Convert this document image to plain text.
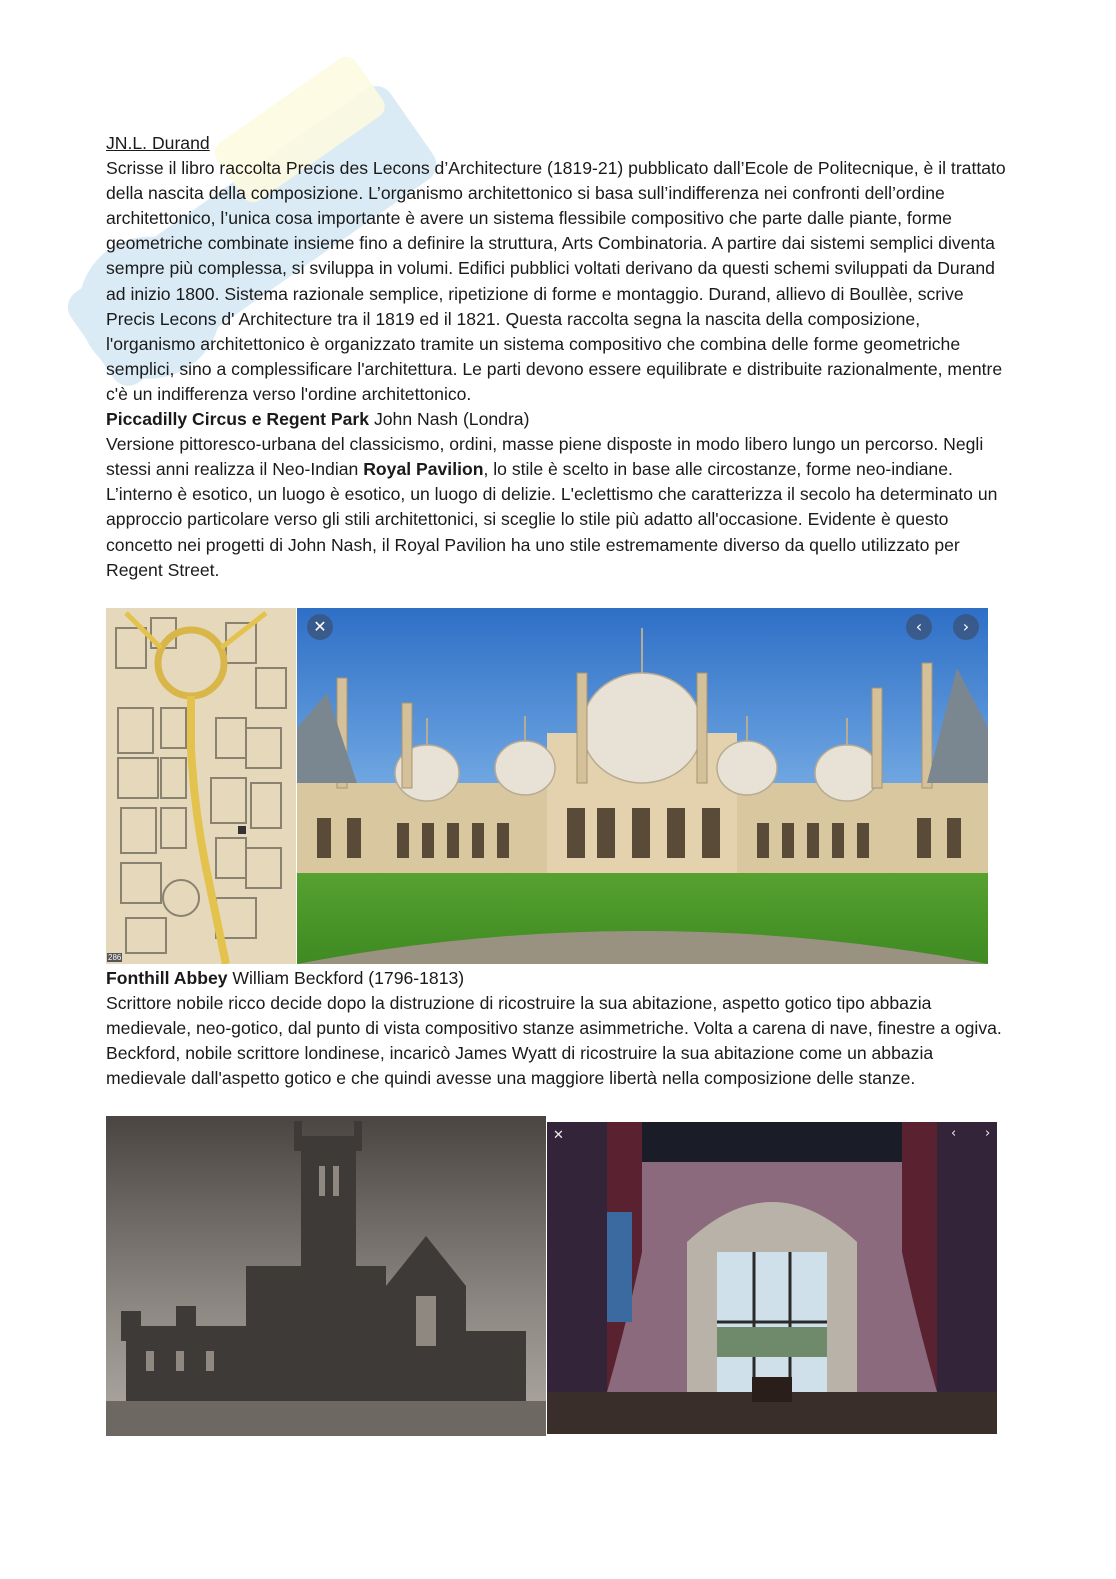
JN.L. Durand

Scrisse il libro raccolta Precis des Lecons d’Architecture (1819-21) pubblicato dall’Ecole de Politecnique, è il trattato della nascita della composizione. L’organismo architettonico si basa sull’indifferenza nei confronti dell’ordine architettonico, l’unica cosa importante è avere un sistema flessibile compositivo che parte dalle piante, forme geometriche combinate insieme fino a definire la struttura, Arts Combinatoria. A partire dai sistemi semplici diventa sempre più complessa, si sviluppa in volumi. Edifici pubblici voltati derivano da questi schemi sviluppati da Durand ad inizio 1800. Sistema razionale semplice, ripetizione di forme e montaggio. Durand, allievo di Boullèe, scrive Precis Lecons d' Architecture tra il 1819 ed il 1821. Questa raccolta segna la nascita della composizione, l'organismo architettonico è organizzato tramite un sistema compositivo che combina delle forme geometriche semplici, sino a complessificare l'architettura. Le parti devono essere equilibrate e distribuite razionalmente, mentre c'è un indifferenza verso l'ordine architettonico.

Piccadilly Circus e Regent Park John Nash (Londra)

Versione pittoresco-urbana del classicismo, ordini, masse piene disposte in modo libero lungo un percorso. Negli stessi anni realizza il Neo-Indian Royal Pavilion, lo stile è scelto in base alle circostanze, forme neo-indiane. L’interno è esotico, un luogo è esotico, un luogo di delizie. L'eclettismo che caratterizza il secolo ha determinato un approccio particolare verso gli stili architettonici, si sceglie lo stile più adatto all'occasione. Evidente è questo concetto nei progetti di John Nash, il Royal Pavilion ha uno stile estremamente diverso da quello utilizzato per Regent Street.

286
✕	‹	›

Fonthill Abbey William Beckford (1796-1813)

Scrittore nobile ricco decide dopo la distruzione di ricostruire la sua abitazione, aspetto gotico tipo abbazia medievale, neo-gotico, dal punto di vista compositivo stanze asimmetriche. Volta a carena di nave, finestre a ogiva. Beckford, nobile scrittore londinese, incaricò James Wyatt di ricostruire la sua abitazione come un abbazia medievale dall'aspetto gotico e che quindi avesse una maggiore libertà nella composizione delle stanze.

✕	‹ ›
